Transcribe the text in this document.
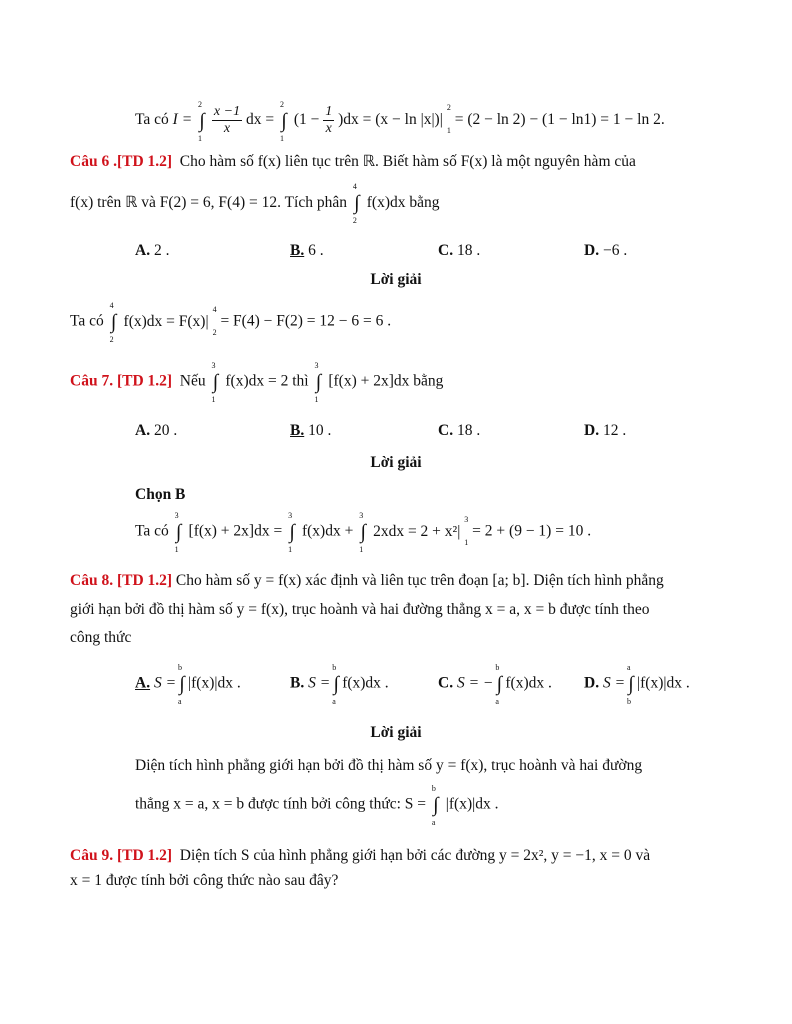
Ta có I = ∫
2
1

$\frac{x -1}{x}$ dx = ∫
2
1
$(1 - \frac{1}{x} )dx = (x - \ln |x|)|$
2
1
= (2 − ln 2) − (1 − ln1) = 1 − ln 2.
Câu 6 .[TD 1.2] Cho hàm số f(x) liên tục trên ℝ. Biết hàm số F(x) là một nguyên hàm của
f(x) trên ℝ và F(2) = 6, F(4) = 12. Tích phân ∫
4
2
f(x)dx bằng
A. 2 .	B. 6 .	C. 18 .	D. −6 .
Lời giải
Ta có ∫
4
2
f(x)dx = F(x)|
4
2
= F(4) − F(2) = 12 − 6 = 6 .
Câu 7. [TD 1.2] Nếu ∫
3
1
f(x)dx = 2 thì ∫
3
1
[f(x) + 2x]dx bằng
A. 20 .	B. 10 .	C. 18 .	D. 12 .
Lời giải
Chọn B
Ta có ∫
3
1
[f(x) + 2x]dx = ∫
3
1
f(x)dx + ∫
3
1
2xdx = 2 + x²|
3
1
= 2 + (9 − 1) = 10 .
Câu 8. [TD 1.2] Cho hàm số y = f(x) xác định và liên tục trên đoạn [a; b]. Diện tích hình phẳng
giới hạn bởi đồ thị hàm số y = f(x), trục hoành và hai đường thẳng x = a, x = b được tính theo
công thức
A. S = ∫
b
a
|f(x)|dx .	B. S = ∫
b
a
f(x)dx .	C. S = − ∫
b
a
f(x)dx . D. S = ∫
a
b
|f(x)|dx .
Lời giải
Diện tích hình phẳng giới hạn bởi đồ thị hàm số y = f(x), trục hoành và hai đường
thẳng x = a, x = b được tính bởi công thức: S = ∫
b
a
|f(x)|dx .
Câu 9. [TD 1.2] Diện tích S của hình phẳng giới hạn bởi các đường y = 2x², y = −1, x = 0 và
x = 1 được tính bởi công thức nào sau đây?
